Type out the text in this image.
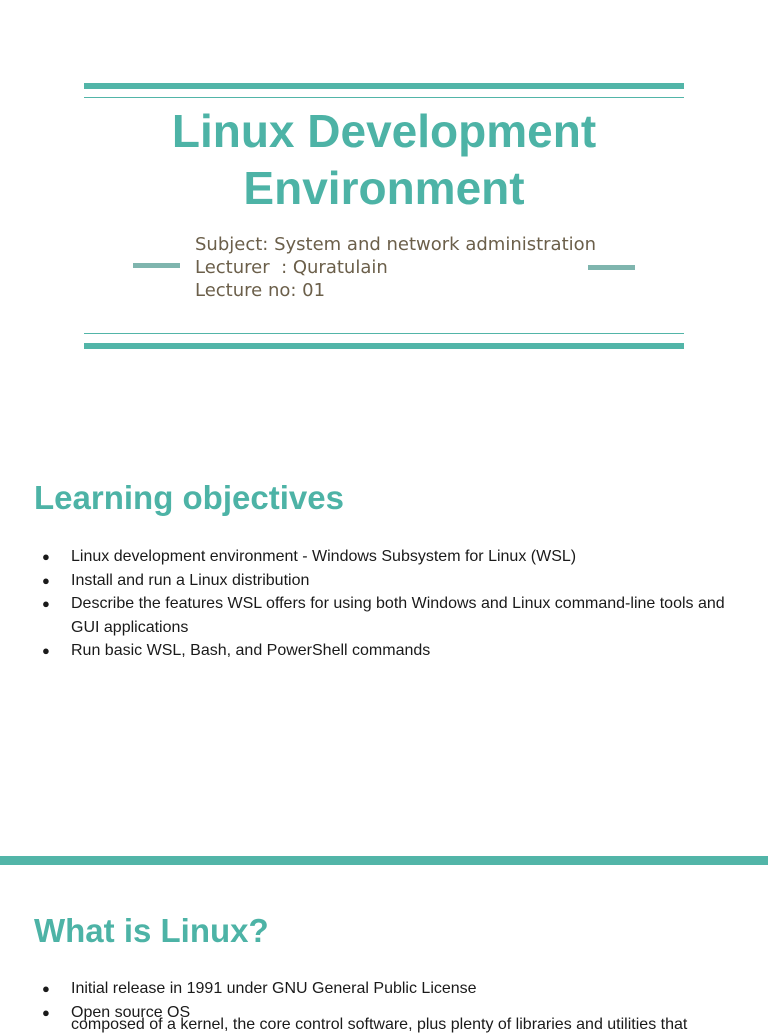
Linux Development
Environment
Subject: System and network administration
Lecturer  : Quratulain
Lecture no: 01
Learning objectives
● Linux development environment - Windows Subsystem for Linux (WSL)
● Install and run a Linux distribution
● Describe the features WSL offers for using both Windows and Linux command-line tools and GUI applications
● Run basic WSL, Bash, and PowerShell commands
What is Linux?
● Initial release in 1991 under GNU General Public License
● Open source OS
composed of a kernel, the core control software, plus plenty of libraries and utilities that
